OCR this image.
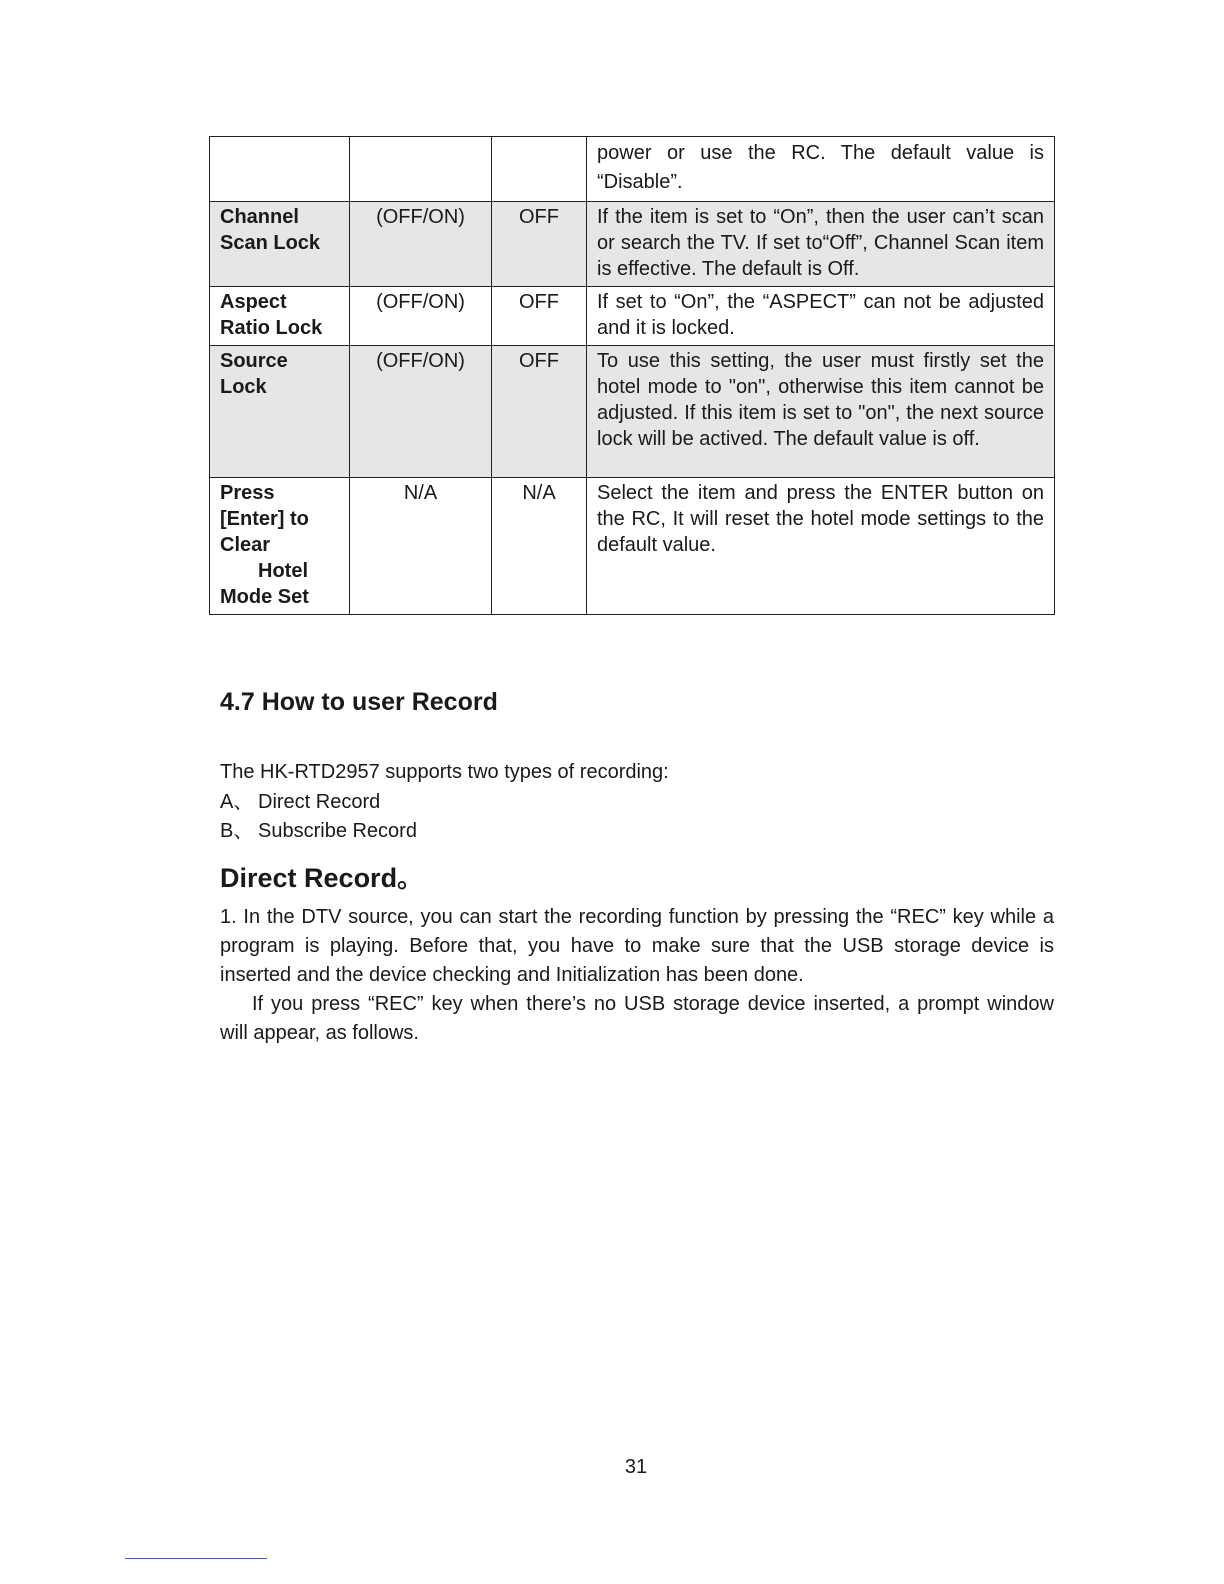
			power or use the RC. The default value is “Disable”.
Channel
Scan Lock	(OFF/ON)	OFF	If the item is set to “On”, then the user can’t scan or search the TV. If set to“Off”, Channel Scan item is effective. The default is Off.
Aspect
Ratio Lock	(OFF/ON)	OFF	If set to “On”, the “ASPECT” can not be adjusted and it is locked.
Source
Lock	(OFF/ON)	OFF	To use this setting, the user must firstly set the hotel mode to "on", otherwise this item cannot be adjusted. If this item is set to "on", the next source lock will be actived. The default value is off.
Press
[Enter] to
Clear
Hotel
Mode Set	N/A	N/A	Select the item and press the ENTER button on the RC, It will reset the hotel mode settings to the default value.
4.7 How to user Record

The HK-RTD2957 supports two types of recording:

A、 Direct Record
B、 Subscribe Record
Direct Record。

1. In the DTV source, you can start the recording function by pressing the “REC” key while a program is playing. Before that, you have to make sure that the USB storage device is inserted and the device checking and Initialization has been done.

If you press “REC” key when there’s no USB storage device inserted, a prompt window will appear, as follows.

31
